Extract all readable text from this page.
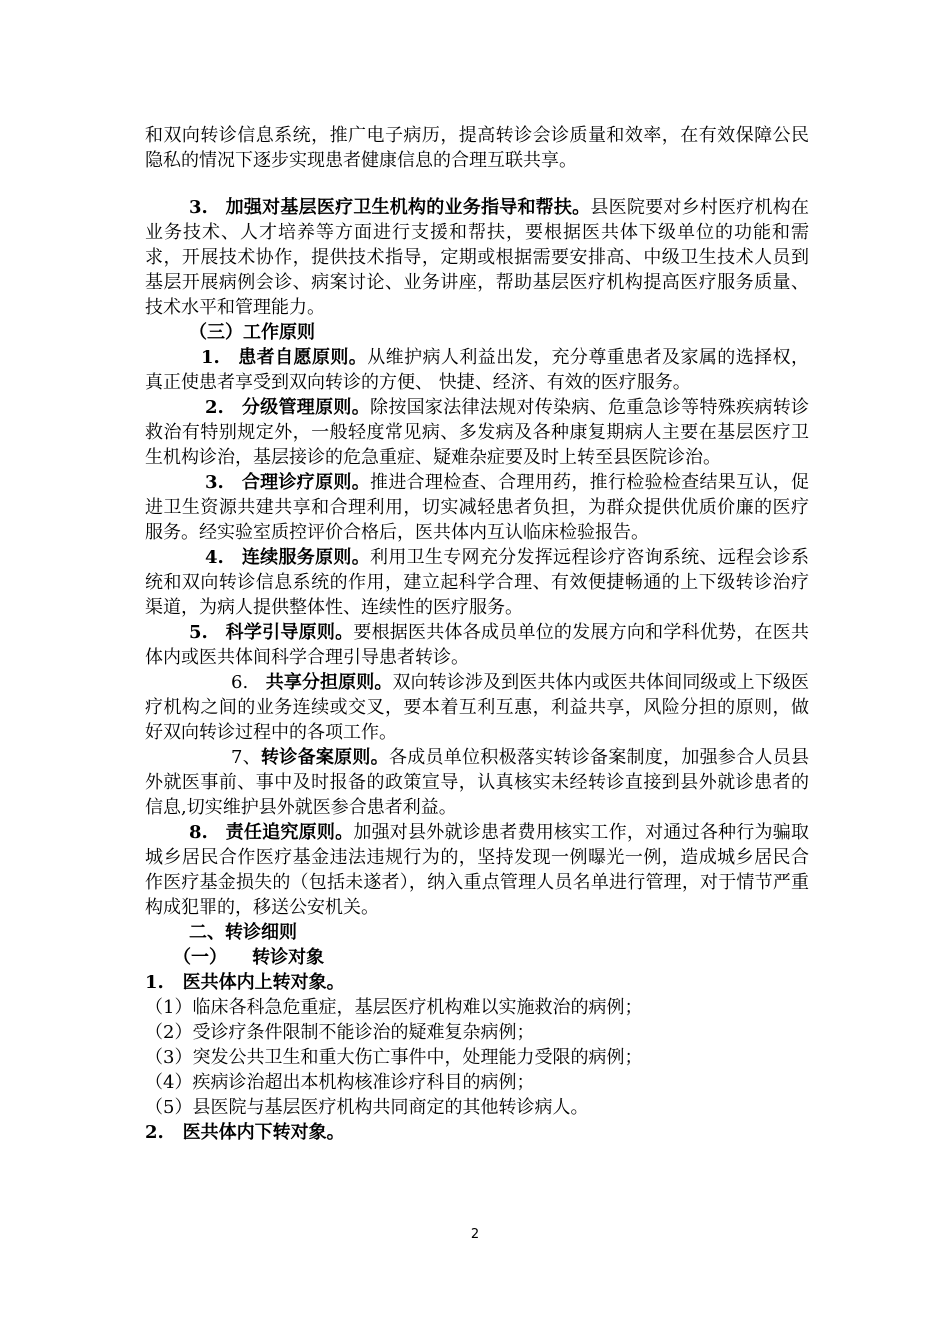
和双向转诊信息系统，推广电子病历，提高转诊会诊质量和效率，在有效保障公民隐私的情况下逐步实现患者健康信息的合理互联共享。

3. 加强对基层医疗卫生机构的业务指导和帮扶。县医院要对乡村医疗机构在业务技术、人才培养等方面进行支援和帮扶，要根据医共体下级单位的功能和需求，开展技术协作，提供技术指导，定期或根据需要安排高、中级卫生技术人员到基层开展病例会诊、病案讨论、业务讲座，帮助基层医疗机构提高医疗服务质量、技术水平和管理能力。

（三）工作原则

1. 患者自愿原则。从维护病人利益出发，充分尊重患者及家属的选择权， 真正使患者享受到双向转诊的方便、 快捷、经济、有效的医疗服务。

2. 分级管理原则。除按国家法律法规对传染病、危重急诊等特殊疾病转诊救治有特别规定外，一般轻度常见病、多发病及各种康复期病人主要在基层医疗卫生机构诊治，基层接诊的危急重症、疑难杂症要及时上转至县医院诊治。

3. 合理诊疗原则。推进合理检查、合理用药，推行检验检查结果互认，促进卫生资源共建共享和合理利用，切实减轻患者负担，为群众提供优质价廉的医疗服务。经实验室质控评价合格后，医共体内互认临床检验报告。

4. 连续服务原则。利用卫生专网充分发挥远程诊疗咨询系统、远程会诊系统和双向转诊信息系统的作用，建立起科学合理、有效便捷畅通的上下级转诊治疗渠道，为病人提供整体性、连续性的医疗服务。

5. 科学引导原则。要根据医共体各成员单位的发展方向和学科优势，在医共体内或医共体间科学合理引导患者转诊。

6. 共享分担原则。双向转诊涉及到医共体内或医共体间同级或上下级医疗机构之间的业务连续或交叉，要本着互利互惠，利益共享，风险分担的原则，做好双向转诊过程中的各项工作。

7、转诊备案原则。各成员单位积极落实转诊备案制度，加强参合人员县外就医事前、事中及时报备的政策宣导，认真核实未经转诊直接到县外就诊患者的信息,切实维护县外就医参合患者利益。

8. 责任追究原则。加强对县外就诊患者费用核实工作，对通过各种行为骗取城乡居民合作医疗基金违法违规行为的，坚持发现一例曝光一例，造成城乡居民合作医疗基金损失的（包括未遂者），纳入重点管理人员名单进行管理，对于情节严重构成犯罪的，移送公安机关。

二、转诊细则

（一） 转诊对象

1. 医共体内上转对象。

（1）临床各科急危重症，基层医疗机构难以实施救治的病例；

（2）受诊疗条件限制不能诊治的疑难复杂病例；

（3）突发公共卫生和重大伤亡事件中，处理能力受限的病例；

（4）疾病诊治超出本机构核准诊疗科目的病例；

（5）县医院与基层医疗机构共同商定的其他转诊病人。

2. 医共体内下转对象。

2
